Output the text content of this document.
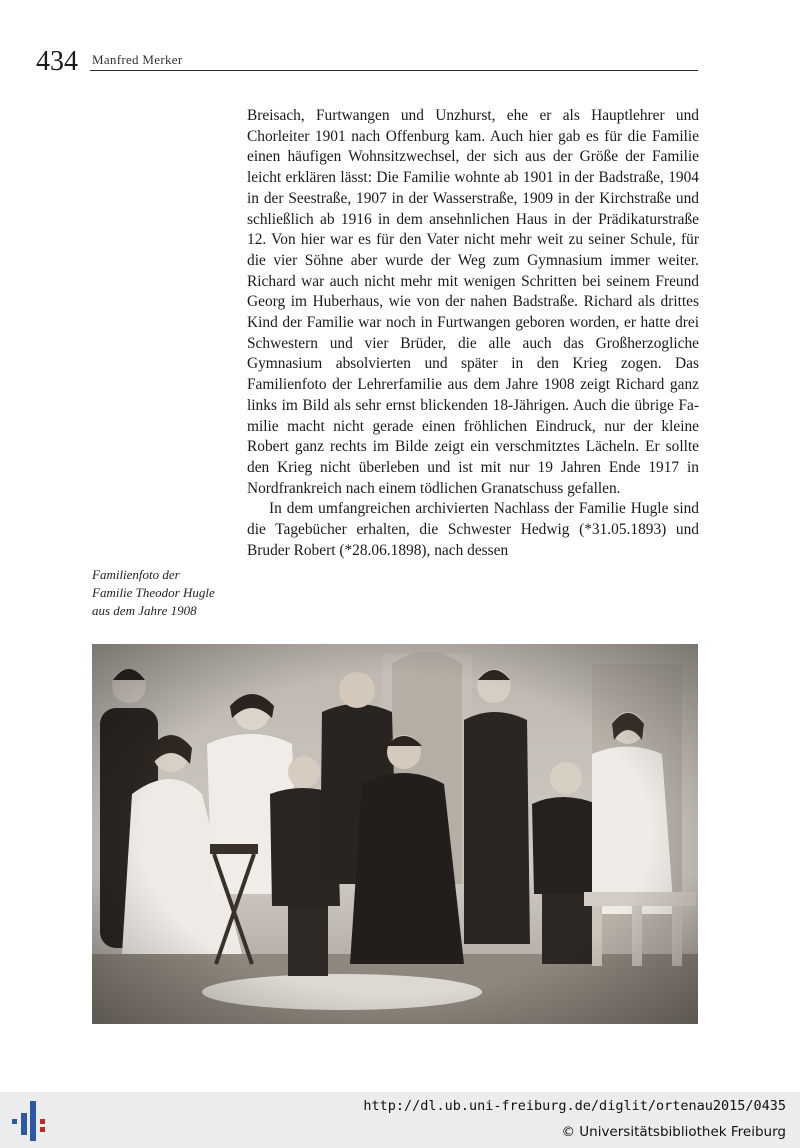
434 Manfred Merker

Breisach, Furtwangen und Unzhurst, ehe er als Hauptlehrer und Chorleiter 1901 nach Offenburg kam. Auch hier gab es für die Familie einen häufigen Wohnsitzwechsel, der sich aus der Größe der Familie leicht erklären lässt: Die Familie wohnte ab 1901 in der Badstraße, 1904 in der Seestraße, 1907 in der Wasserstraße, 1909 in der Kirchstraße und schließlich ab 1916 in dem ansehnlichen Haus in der Prädikaturstraße 12. Von hier war es für den Vater nicht mehr weit zu seiner Schule, für die vier Söhne aber wurde der Weg zum Gymnasium immer weiter. Richard war auch nicht mehr mit wenigen Schritten bei seinem Freund Georg im Huberhaus, wie von der nahen Badstraße. Richard als drittes Kind der Familie war noch in Furtwangen geboren worden, er hatte drei Schwestern und vier Brüder, die alle auch das Großherzogliche Gymnasium absolvierten und später in den Krieg zogen. Das Familienfoto der Lehrerfamilie aus dem Jahre 1908 zeigt Richard ganz links im Bild als sehr ernst blickenden 18-Jährigen. Auch die übrige Familie macht nicht gerade einen fröhlichen Eindruck, nur der kleine Robert ganz rechts im Bilde zeigt ein verschmitztes Lächeln. Er sollte den Krieg nicht überleben und ist mit nur 19 Jahren Ende 1917 in Nordfrankreich nach einem tödlichen Granatschuss gefallen.

In dem umfangreichen archivierten Nachlass der Familie Hugle sind die Tagebücher erhalten, die Schwester Hedwig (*31.05.1893) und Bruder Robert (*28.06.1898), nach dessen

Familienfoto der
Familie Theodor Hugle
aus dem Jahre 1908
http://dl.ub.uni-freiburg.de/diglit/ortenau2015/0435
© Universitätsbibliothek Freiburg
